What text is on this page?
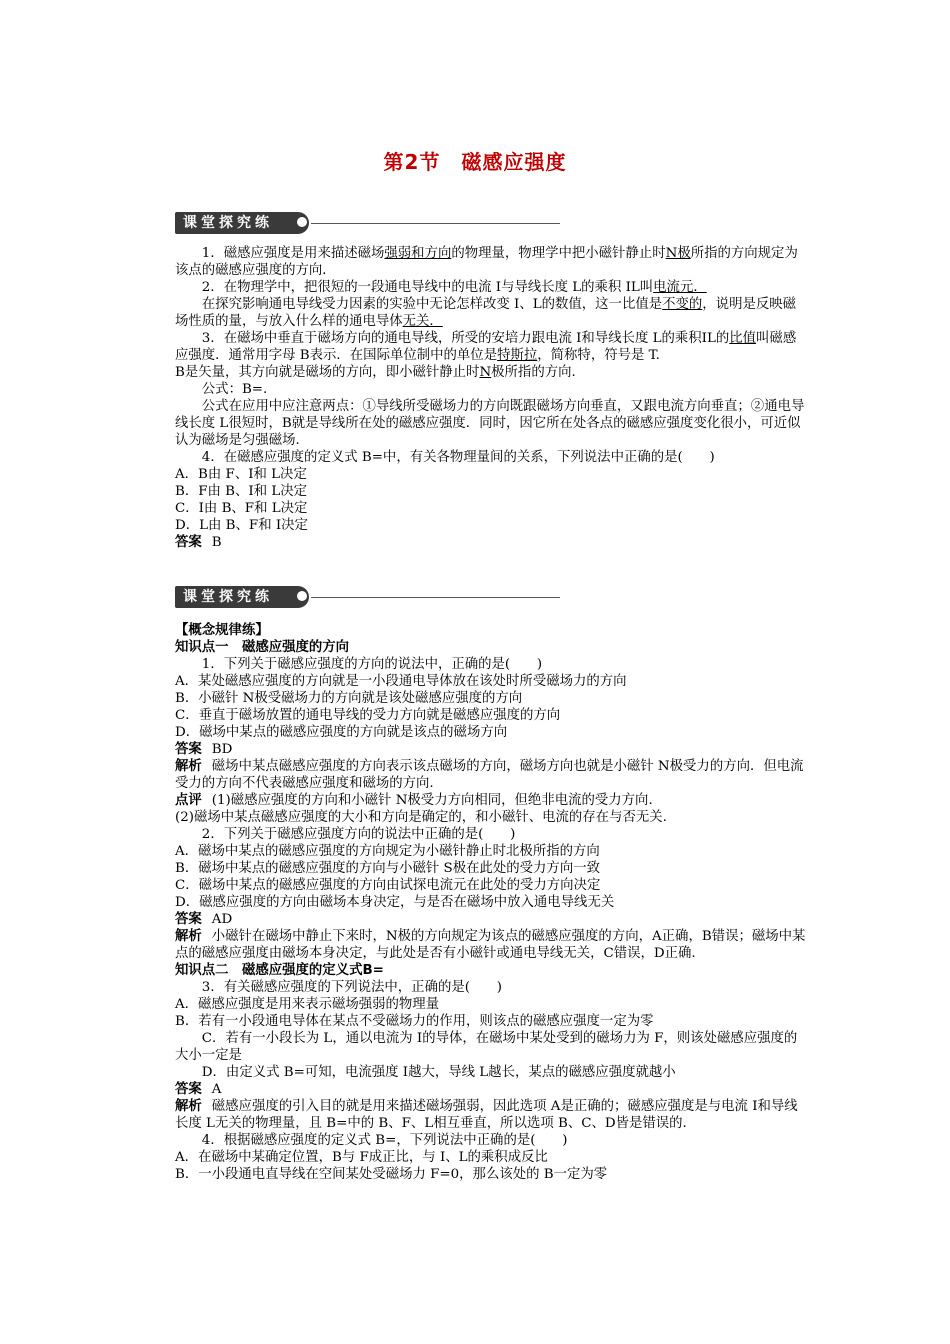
第2节　磁感应强度
课堂探究练

1．磁感应强度是用来描述磁场强弱和方向的物理量，物理学中把小磁针静止时N极所指的方向规定为该点的磁感应强度的方向．

2．在物理学中，把很短的一段通电导线中的电流 I与导线长度 L的乘积 IL叫电流元．

在探究影响通电导线受力因素的实验中无论怎样改变 I、L的数值，这一比值是不变的，说明是反映磁场性质的量，与放入什么样的通电导体无关．

3．在磁场中垂直于磁场方向的通电导线，所受的安培力跟电流 I和导线长度 L的乘积IL的比值叫磁感应强度．通常用字母 B表示．在国际单位制中的单位是特斯拉，简称特，符号是 T.

B是矢量，其方向就是磁场的方向，即小磁针静止时N极所指的方向.

公式：B=.

公式在应用中应注意两点：①导线所受磁场力的方向既跟磁场方向垂直，又跟电流方向垂直；②通电导线长度 L很短时，B就是导线所在处的磁感应强度．同时，因它所在处各点的磁感应强度变化很小，可近似认为磁场是匀强磁场.

4．在磁感应强度的定义式 B=中，有关各物理量间的关系，下列说法中正确的是(　　)

A．B由 F、I和 L决定

B．F由 B、I和 L决定

C．I由 B、F和 L决定

D．L由 B、F和 I决定

答案 B

课堂探究练

【概念规律练】

知识点一　磁感应强度的方向

1．下列关于磁感应强度的方向的说法中，正确的是(　　)

A．某处磁感应强度的方向就是一小段通电导体放在该处时所受磁场力的方向

B．小磁针 N极受磁场力的方向就是该处磁感应强度的方向

C．垂直于磁场放置的通电导线的受力方向就是磁感应强度的方向

D．磁场中某点的磁感应强度的方向就是该点的磁场方向

答案 BD

解析 磁场中某点磁感应强度的方向表示该点磁场的方向，磁场方向也就是小磁针 N极受力的方向．但电流受力的方向不代表磁感应强度和磁场的方向.

点评 (1)磁感应强度的方向和小磁针 N极受力方向相同，但绝非电流的受力方向.

(2)磁场中某点磁感应强度的大小和方向是确定的，和小磁针、电流的存在与否无关.

2．下列关于磁感应强度方向的说法中正确的是(　　)

A．磁场中某点的磁感应强度的方向规定为小磁针静止时北极所指的方向

B．磁场中某点的磁感应强度的方向与小磁针 S极在此处的受力方向一致

C．磁场中某点的磁感应强度的方向由试探电流元在此处的受力方向决定

D．磁感应强度的方向由磁场本身决定，与是否在磁场中放入通电导线无关

答案 AD

解析 小磁针在磁场中静止下来时，N极的方向规定为该点的磁感应强度的方向，A正确，B错误；磁场中某点的磁感应强度由磁场本身决定，与此处是否有小磁针或通电导线无关，C错误，D正确.

知识点二　磁感应强度的定义式B=

3．有关磁感应强度的下列说法中，正确的是(　　)

A．磁感应强度是用来表示磁场强弱的物理量

B．若有一小段通电导体在某点不受磁场力的作用，则该点的磁感应强度一定为零

C．若有一小段长为 L，通以电流为 I的导体，在磁场中某处受到的磁场力为 F，则该处磁感应强度的大小一定是

D．由定义式 B=可知，电流强度 I越大，导线 L越长，某点的磁感应强度就越小

答案 A

解析 磁感应强度的引入目的就是用来描述磁场强弱，因此选项 A是正确的；磁感应强度是与电流 I和导线长度 L无关的物理量，且 B=中的 B、F、L相互垂直，所以选项 B、C、D皆是错误的.

4．根据磁感应强度的定义式 B=，下列说法中正确的是(　　)

A．在磁场中某确定位置，B与 F成正比，与 I、L的乘积成反比

B．一小段通电直导线在空间某处受磁场力 F=0，那么该处的 B一定为零
